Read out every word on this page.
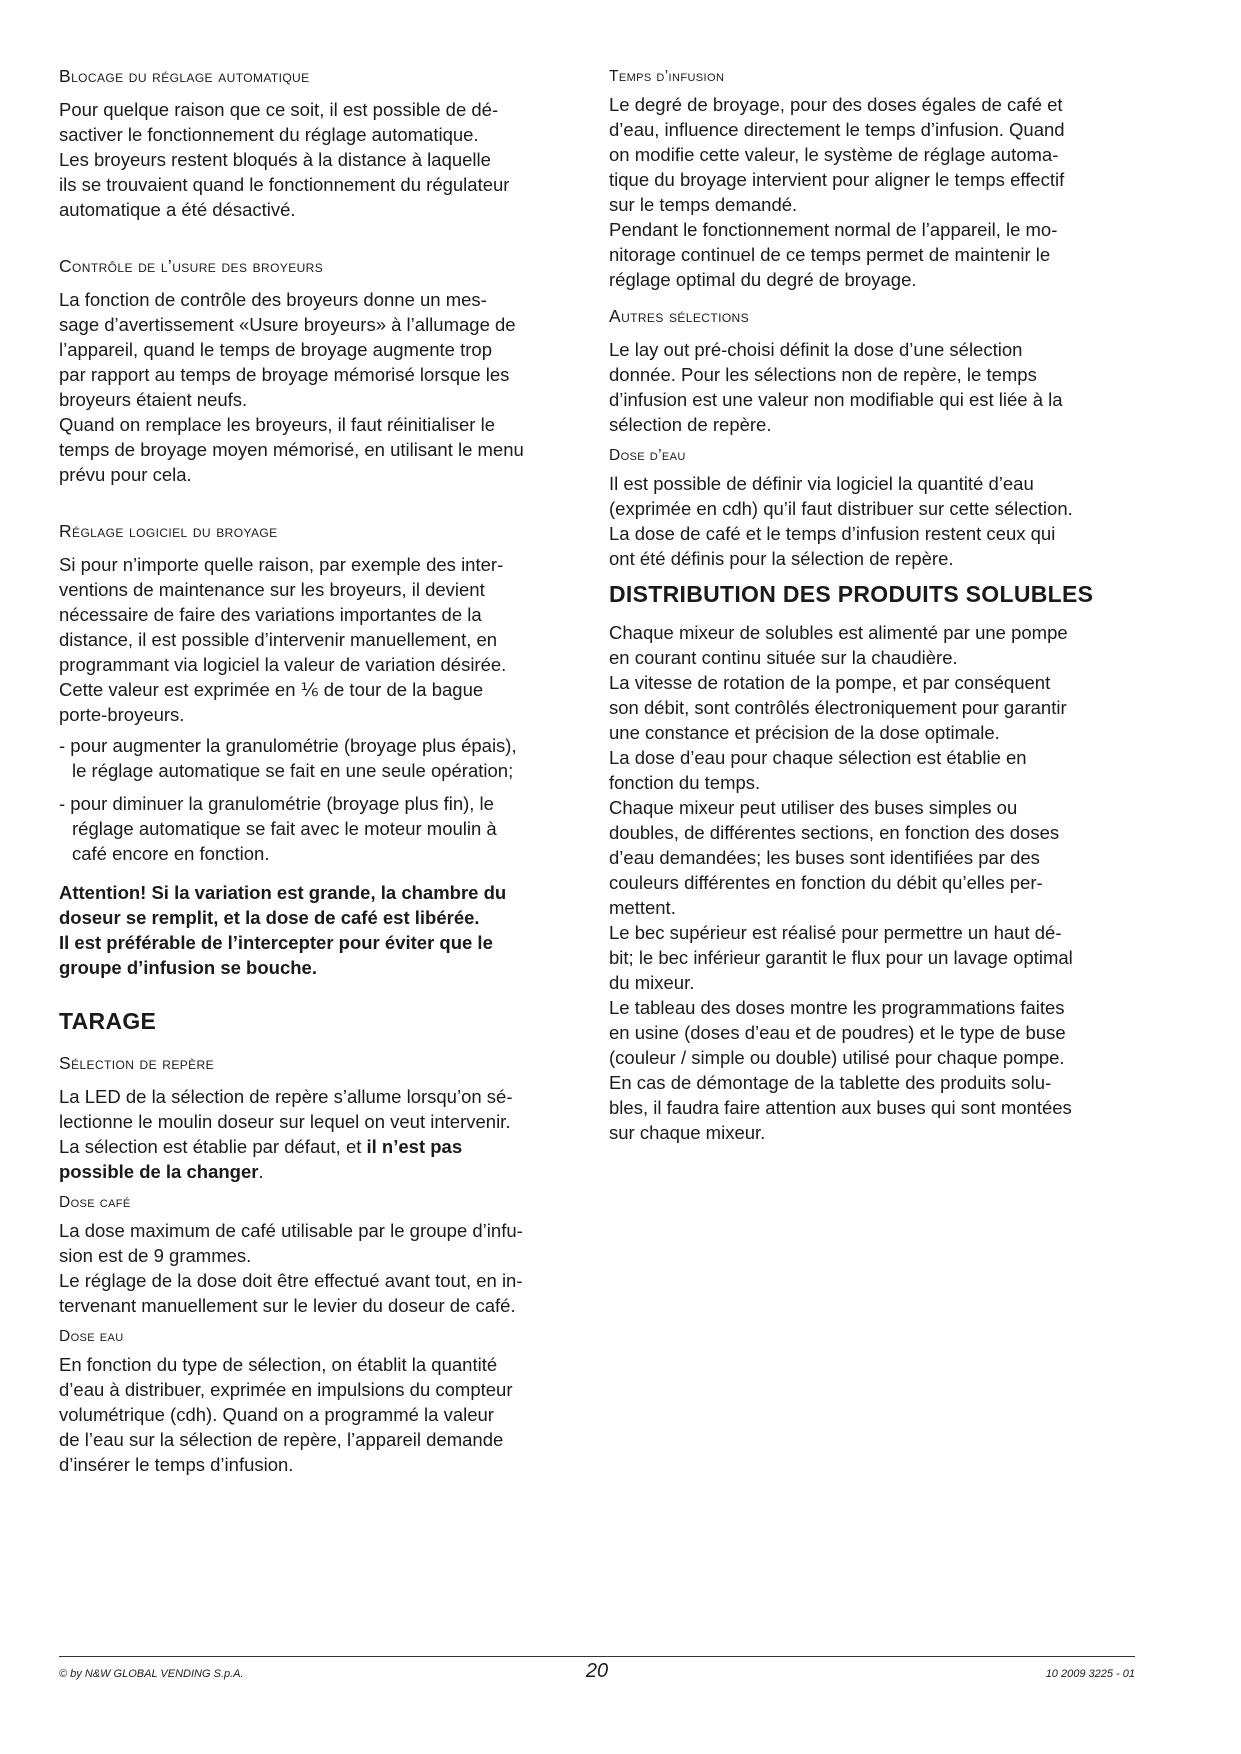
Blocage du réglage automatique

Pour quelque raison que ce soit, il est possible de dé-
sactiver le fonctionnement du réglage automatique.
Les broyeurs restent bloqués à la distance à laquelle
ils se trouvaient quand le fonctionnement du régulateur
automatique a été désactivé.

Contrôle de l’usure des broyeurs

La fonction de contrôle des broyeurs donne un mes-
sage d’avertissement «Usure broyeurs» à l’allumage de
l’appareil, quand le temps de broyage augmente trop
par rapport au temps de broyage mémorisé lorsque les
broyeurs étaient neufs.
Quand on remplace les broyeurs, il faut réinitialiser le
temps de broyage moyen mémorisé, en utilisant le menu
prévu pour cela.

Réglage logiciel du broyage

Si pour n’importe quelle raison, par exemple des inter-
ventions de maintenance sur les broyeurs, il devient
nécessaire de faire des variations importantes de la
distance, il est possible d’intervenir manuellement, en
programmant via logiciel la valeur de variation désirée.
Cette valeur est exprimée en ⅙ de tour de la bague
porte-broyeurs.

- pour augmenter la granulométrie (broyage plus épais),
le réglage automatique se fait en une seule opération;
- pour diminuer la granulométrie (broyage plus fin), le
réglage automatique se fait avec le moteur moulin à
café encore en fonction.

Attention! Si la variation est grande, la chambre du
doseur se remplit, et la dose de café est libérée.
Il est préférable de l’intercepter pour éviter que le
groupe d’infusion se bouche.

TARAGE
Sélection de repère

La LED de la sélection de repère s’allume lorsqu’on sé-
lectionne le moulin doseur sur lequel on veut intervenir.
La sélection est établie par défaut, et il n’est pas
possible de la changer.

Dose café

La dose maximum de café utilisable par le groupe d’infu-
sion est de 9 grammes.
Le réglage de la dose doit être effectué avant tout, en in-
tervenant manuellement sur le levier du doseur de café.

Dose eau

En fonction du type de sélection, on établit la quantité
d’eau à distribuer, exprimée en impulsions du compteur
volumétrique (cdh). Quand on a programmé la valeur
de l’eau sur la sélection de repère, l’appareil demande
d’insérer le temps d’infusion.

Temps d’infusion

Le degré de broyage, pour des doses égales de café et
d’eau, influence directement le temps d’infusion. Quand
on modifie cette valeur, le système de réglage automa-
tique du broyage intervient pour aligner le temps effectif
sur le temps demandé.
Pendant le fonctionnement normal de l’appareil, le mo-
nitorage continuel de ce temps permet de maintenir le
réglage optimal du degré de broyage.

Autres sélections

Le lay out pré-choisi définit la dose d’une sélection
donnée. Pour les sélections non de repère, le temps
d’infusion est une valeur non modifiable qui est liée à la
sélection de repère.

Dose d’eau

Il est possible de définir via logiciel la quantité d’eau
(exprimée en cdh) qu’il faut distribuer sur cette sélection.
La dose de café et le temps d’infusion restent ceux qui
ont été définis pour la sélection de repère.

DISTRIBUTION DES PRODUITS SOLUBLES

Chaque mixeur de solubles est alimenté par une pompe
en courant continu située sur la chaudière.
La vitesse de rotation de la pompe, et par conséquent
son débit, sont contrôlés électroniquement pour garantir
une constance et précision de la dose optimale.
La dose d’eau pour chaque sélection est établie en
fonction du temps.
Chaque mixeur peut utiliser des buses simples ou
doubles, de différentes sections, en fonction des doses
d’eau demandées; les buses sont identifiées par des
couleurs différentes en fonction du débit qu’elles per-
mettent.
Le bec supérieur est réalisé pour permettre un haut dé-
bit; le bec inférieur garantit le flux pour un lavage optimal
du mixeur.
Le tableau des doses montre les programmations faites
en usine (doses d’eau et de poudres) et le type de buse
(couleur / simple ou double) utilisé pour chaque pompe.
En cas de démontage de la tablette des produits solu-
bles, il faudra faire attention aux buses qui sont montées
sur chaque mixeur.

© by N&W GLOBAL VENDING S.p.A.	20	10 2009 3225 - 01
